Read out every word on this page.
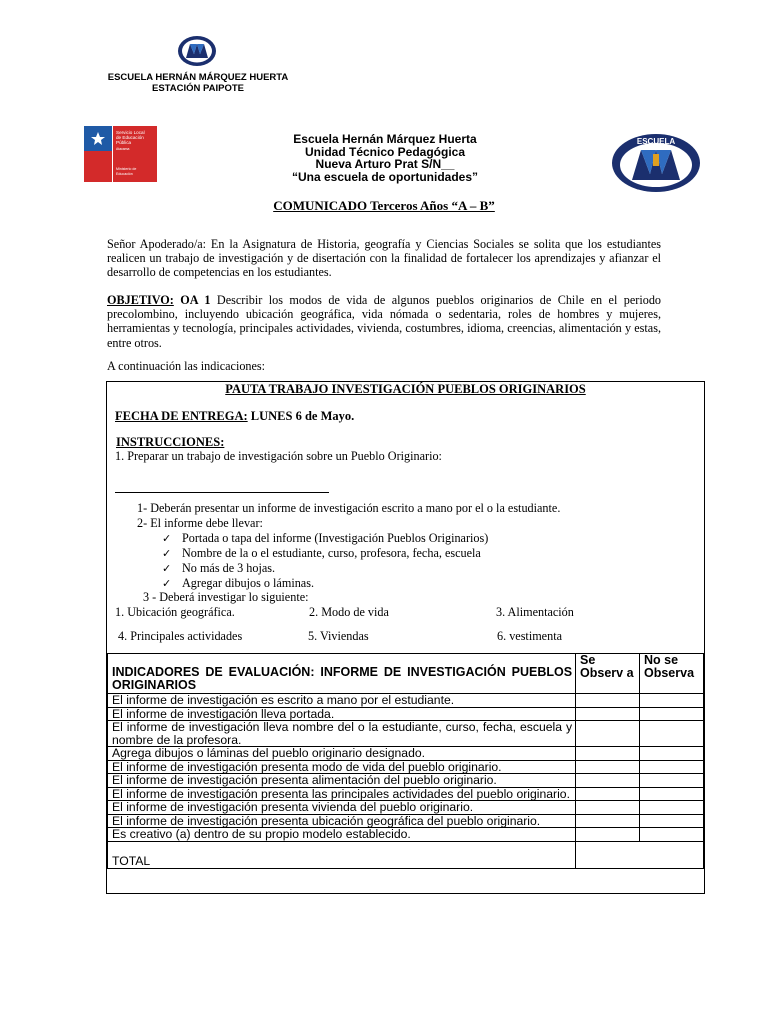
ESCUELA HERNÁN MÁRQUEZ HUERTA
ESTACIÓN PAIPOTE
Servicio Local
de Educación
Pública
Atacama
Ministerio de
Educación
Escuela Hernán Márquez Huerta
Unidad Técnico Pedagógica
Nueva Arturo Prat S/N__
“Una escuela de oportunidades”
ESCUELA
COMUNICADO Terceros Años “A – B”
Señor Apoderado/a: En la Asignatura de Historia, geografía y Ciencias Sociales se solita que los estudiantes realicen un trabajo de investigación y de disertación con la finalidad de fortalecer los aprendizajes y afianzar el desarrollo de competencias en los estudiantes.
OBJETIVO: OA 1 Describir los modos de vida de algunos pueblos originarios de Chile en el periodo precolombino, incluyendo ubicación geográfica, vida nómada o sedentaria, roles de hombres y mujeres, herramientas y tecnología, principales actividades, vivienda, costumbres, idioma, creencias, alimentación y estas, entre otros.
A continuación las indicaciones:
PAUTA TRABAJO INVESTIGACIÓN PUEBLOS ORIGINARIOS
FECHA DE ENTREGA: LUNES 6 de Mayo.
INSTRUCCIONES:
1. Preparar un trabajo de investigación sobre un Pueblo Originario:
1- Deberán presentar un informe de investigación escrito a mano por el o la estudiante.
2- El informe debe llevar:
✓ Portada o tapa del informe (Investigación Pueblos Originarios)
✓ Nombre de la o el estudiante, curso, profesora, fecha, escuela
✓ No más de 3 hojas.
✓ Agregar dibujos o láminas.
3 - Deberá investigar lo siguiente:
1. Ubicación geográfica.	2. Modo de vida	3. Alimentación
4. Principales actividades	5. Viviendas	6. vestimenta
INDICADORES DE EVALUACIÓN: INFORME DE INVESTIGACIÓN PUEBLOS ORIGINARIOS	Se Observ a	No se Observa
El informe de investigación es escrito a mano por el estudiante.		
El informe de investigación lleva portada.		
El informe de investigación lleva nombre del o la estudiante, curso, fecha, escuela y nombre de la profesora.		
Agrega dibujos o láminas del pueblo originario designado.		
El informe de investigación presenta modo de vida del pueblo originario.		
El informe de investigación presenta alimentación del pueblo originario.		
El informe de investigación presenta las principales actividades del pueblo originario.		
El informe de investigación presenta vivienda del pueblo originario.		
El informe de investigación presenta ubicación geográfica del pueblo originario.		
Es creativo (a) dentro de su propio modelo establecido.		
TOTAL		
